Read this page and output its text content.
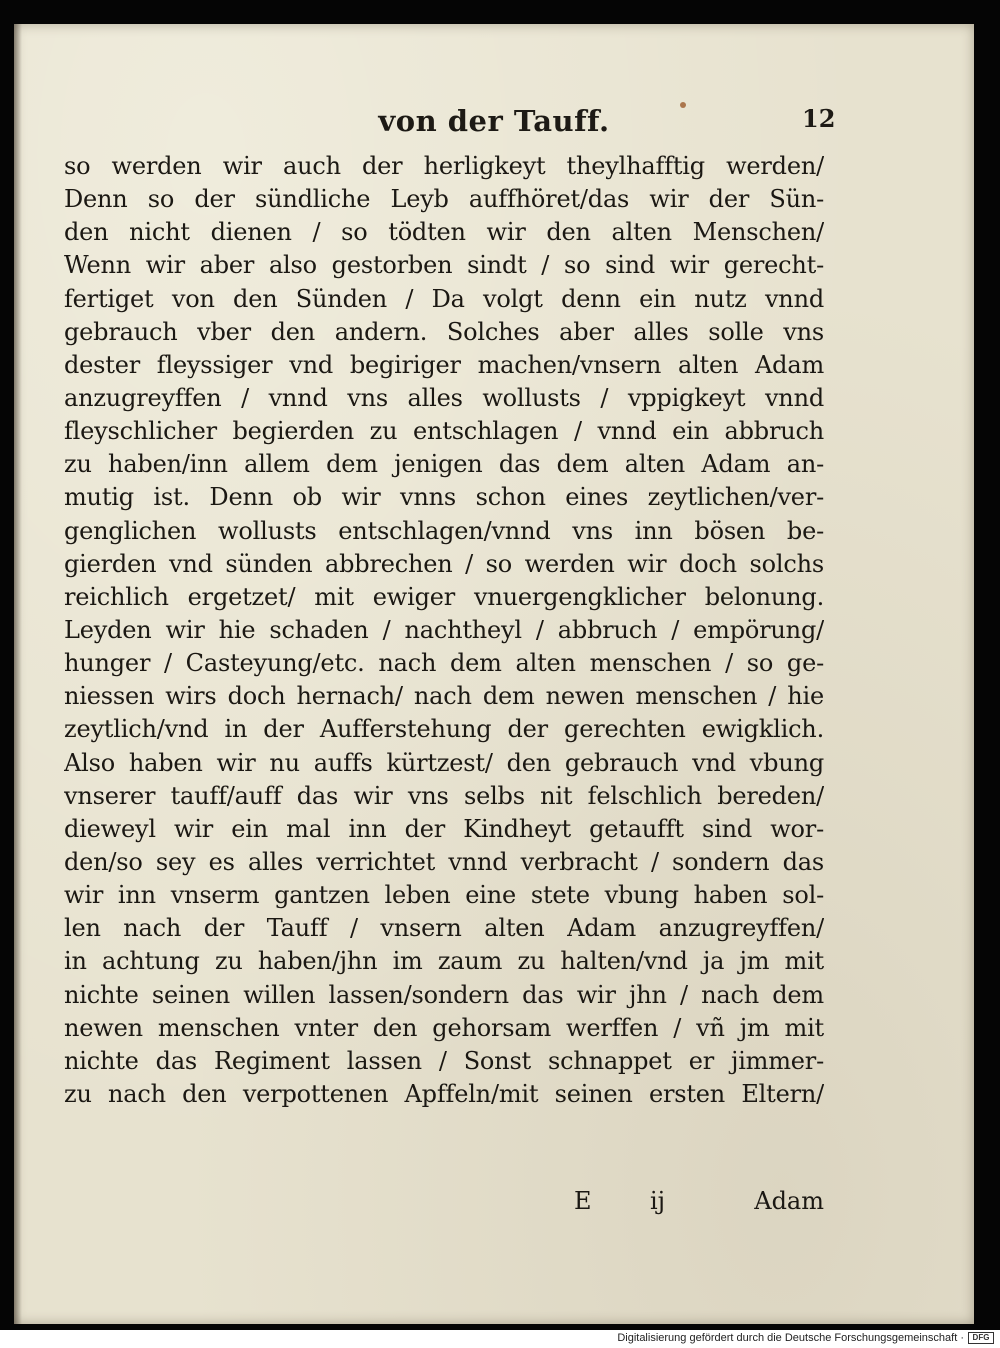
von der Tauff.	12
so werden wir auch der herligkeyt theylhafftig werden/
Denn so der sündliche Leyb auffhöret/das wir der Sün-
den nicht dienen / so tödten wir den alten Menschen/
Wenn wir aber also gestorben sindt / so sind wir gerecht-
fertiget von den Sünden / Da volgt denn ein nutz vnnd
gebrauch vber den andern. Solches aber alles solle vns
dester fleyssiger vnd begiriger machen/vnsern alten Adam
anzugreyffen / vnnd vns alles wollusts / vppigkeyt vnnd
fleyschlicher begierden zu entschlagen / vnnd ein abbruch
zu haben/inn allem dem jenigen das dem alten Adam an-
mutig ist. Denn ob wir vnns schon eines zeytlichen/ver-
genglichen wollusts entschlagen/vnnd vns inn bösen be-
gierden vnd sünden abbrechen / so werden wir doch solchs
reichlich ergetzet/ mit ewiger vnuergengklicher belonung.
Leyden wir hie schaden / nachtheyl / abbruch / empörung/
hunger / Casteyung/etc. nach dem alten menschen / so ge-
niessen wirs doch hernach/ nach dem newen menschen / hie
zeytlich/vnd in der Aufferstehung der gerechten ewigklich.
Also haben wir nu auffs kürtzest/ den gebrauch vnd vbung
vnserer tauff/auff das wir vns selbs nit felschlich bereden/
dieweyl wir ein mal inn der Kindheyt getaufft sind wor-
den/so sey es alles verrichtet vnnd verbracht / sondern das
wir inn vnserm gantzen leben eine stete vbung haben sol-
len nach der Tauff / vnsern alten Adam anzugreyffen/
in achtung zu haben/jhn im zaum zu halten/vnd ja jm mit
nichte seinen willen lassen/sondern das wir jhn / nach dem
newen menschen vnter den gehorsam werffen / vñ jm mit
nichte das Regiment lassen / Sonst schnappet er jimmer-
zu nach den verpottenen Apffeln/mit seinen ersten Eltern/
E ij	Adam
Digitalisierung gefördert durch die Deutsche Forschungsgemeinschaft ·	DFG
